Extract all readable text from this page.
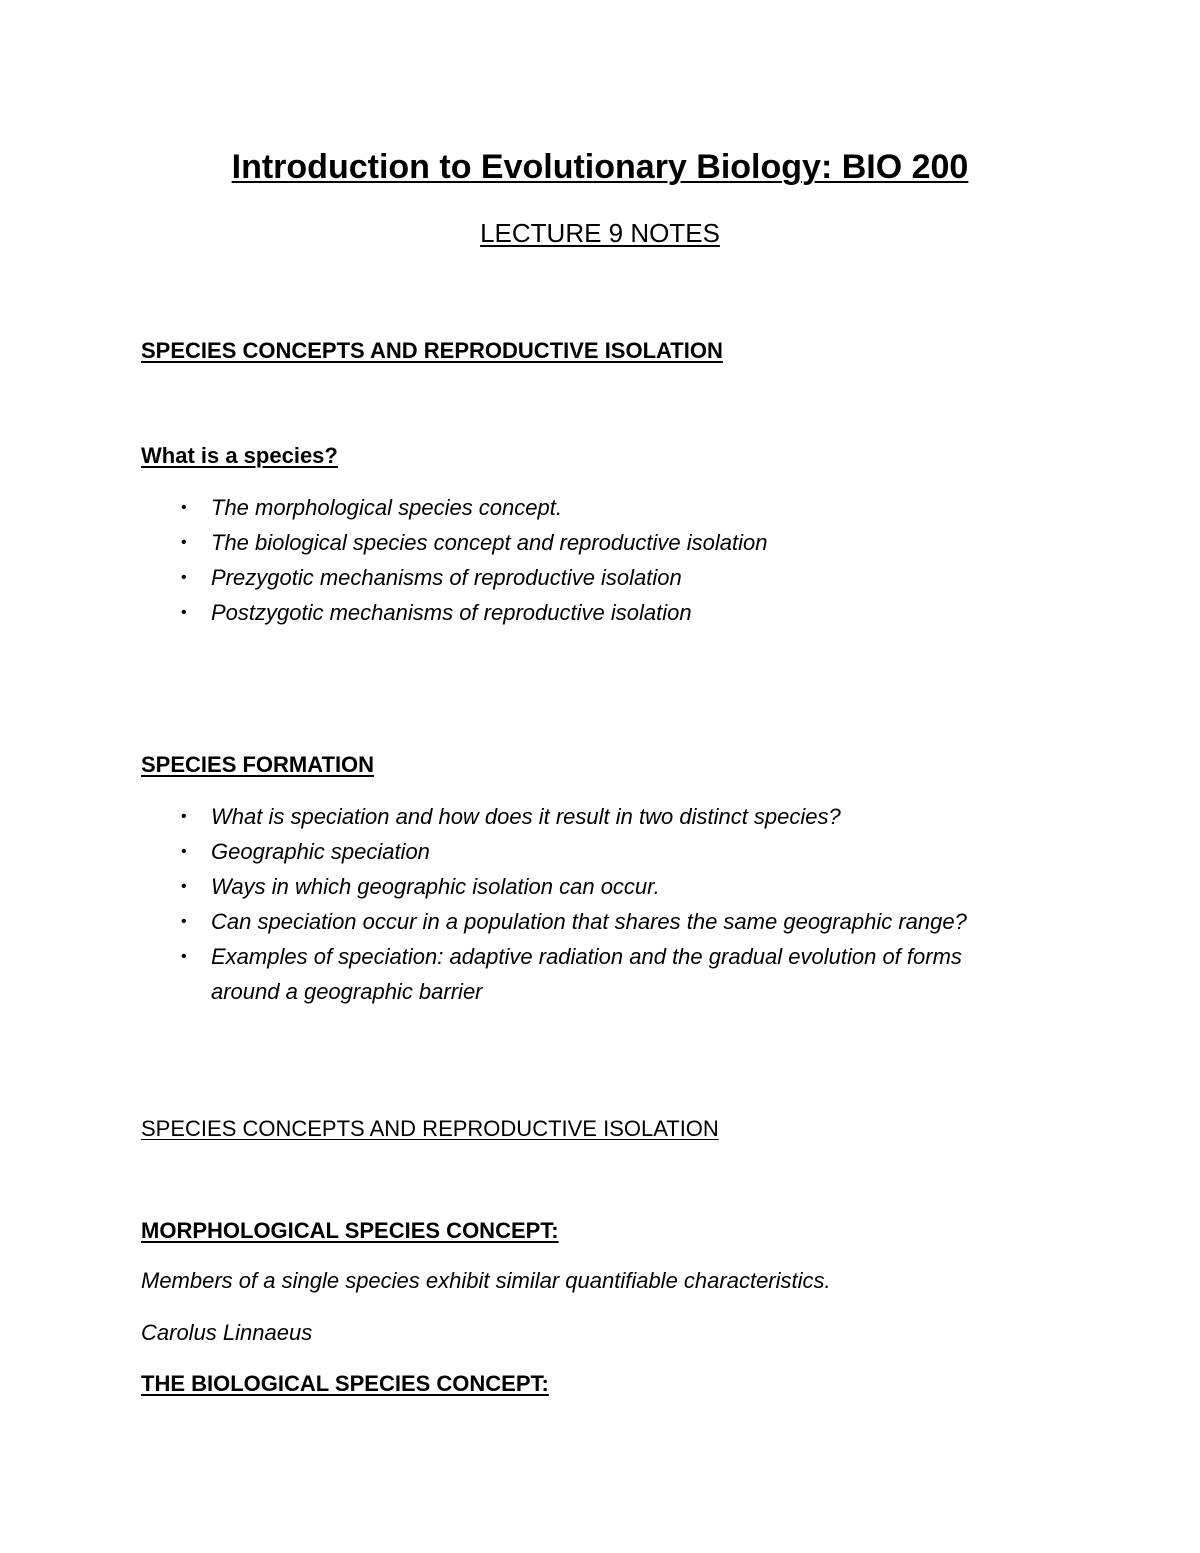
Introduction to Evolutionary Biology: BIO 200
LECTURE 9 NOTES
SPECIES CONCEPTS AND REPRODUCTIVE ISOLATION
What is a species?
• The morphological species concept.
• The biological species concept and reproductive isolation
• Prezygotic mechanisms of reproductive isolation
• Postzygotic mechanisms of reproductive isolation
SPECIES FORMATION
• What is speciation and how does it result in two distinct species?
• Geographic speciation
• Ways in which geographic isolation can occur.
• Can speciation occur in a population that shares the same geographic range?
• Examples of speciation: adaptive radiation and the gradual evolution of forms around a geographic barrier
SPECIES CONCEPTS AND REPRODUCTIVE ISOLATION
MORPHOLOGICAL SPECIES CONCEPT:

Members of a single species exhibit similar quantifiable characteristics.

Carolus Linnaeus

THE BIOLOGICAL SPECIES CONCEPT:
